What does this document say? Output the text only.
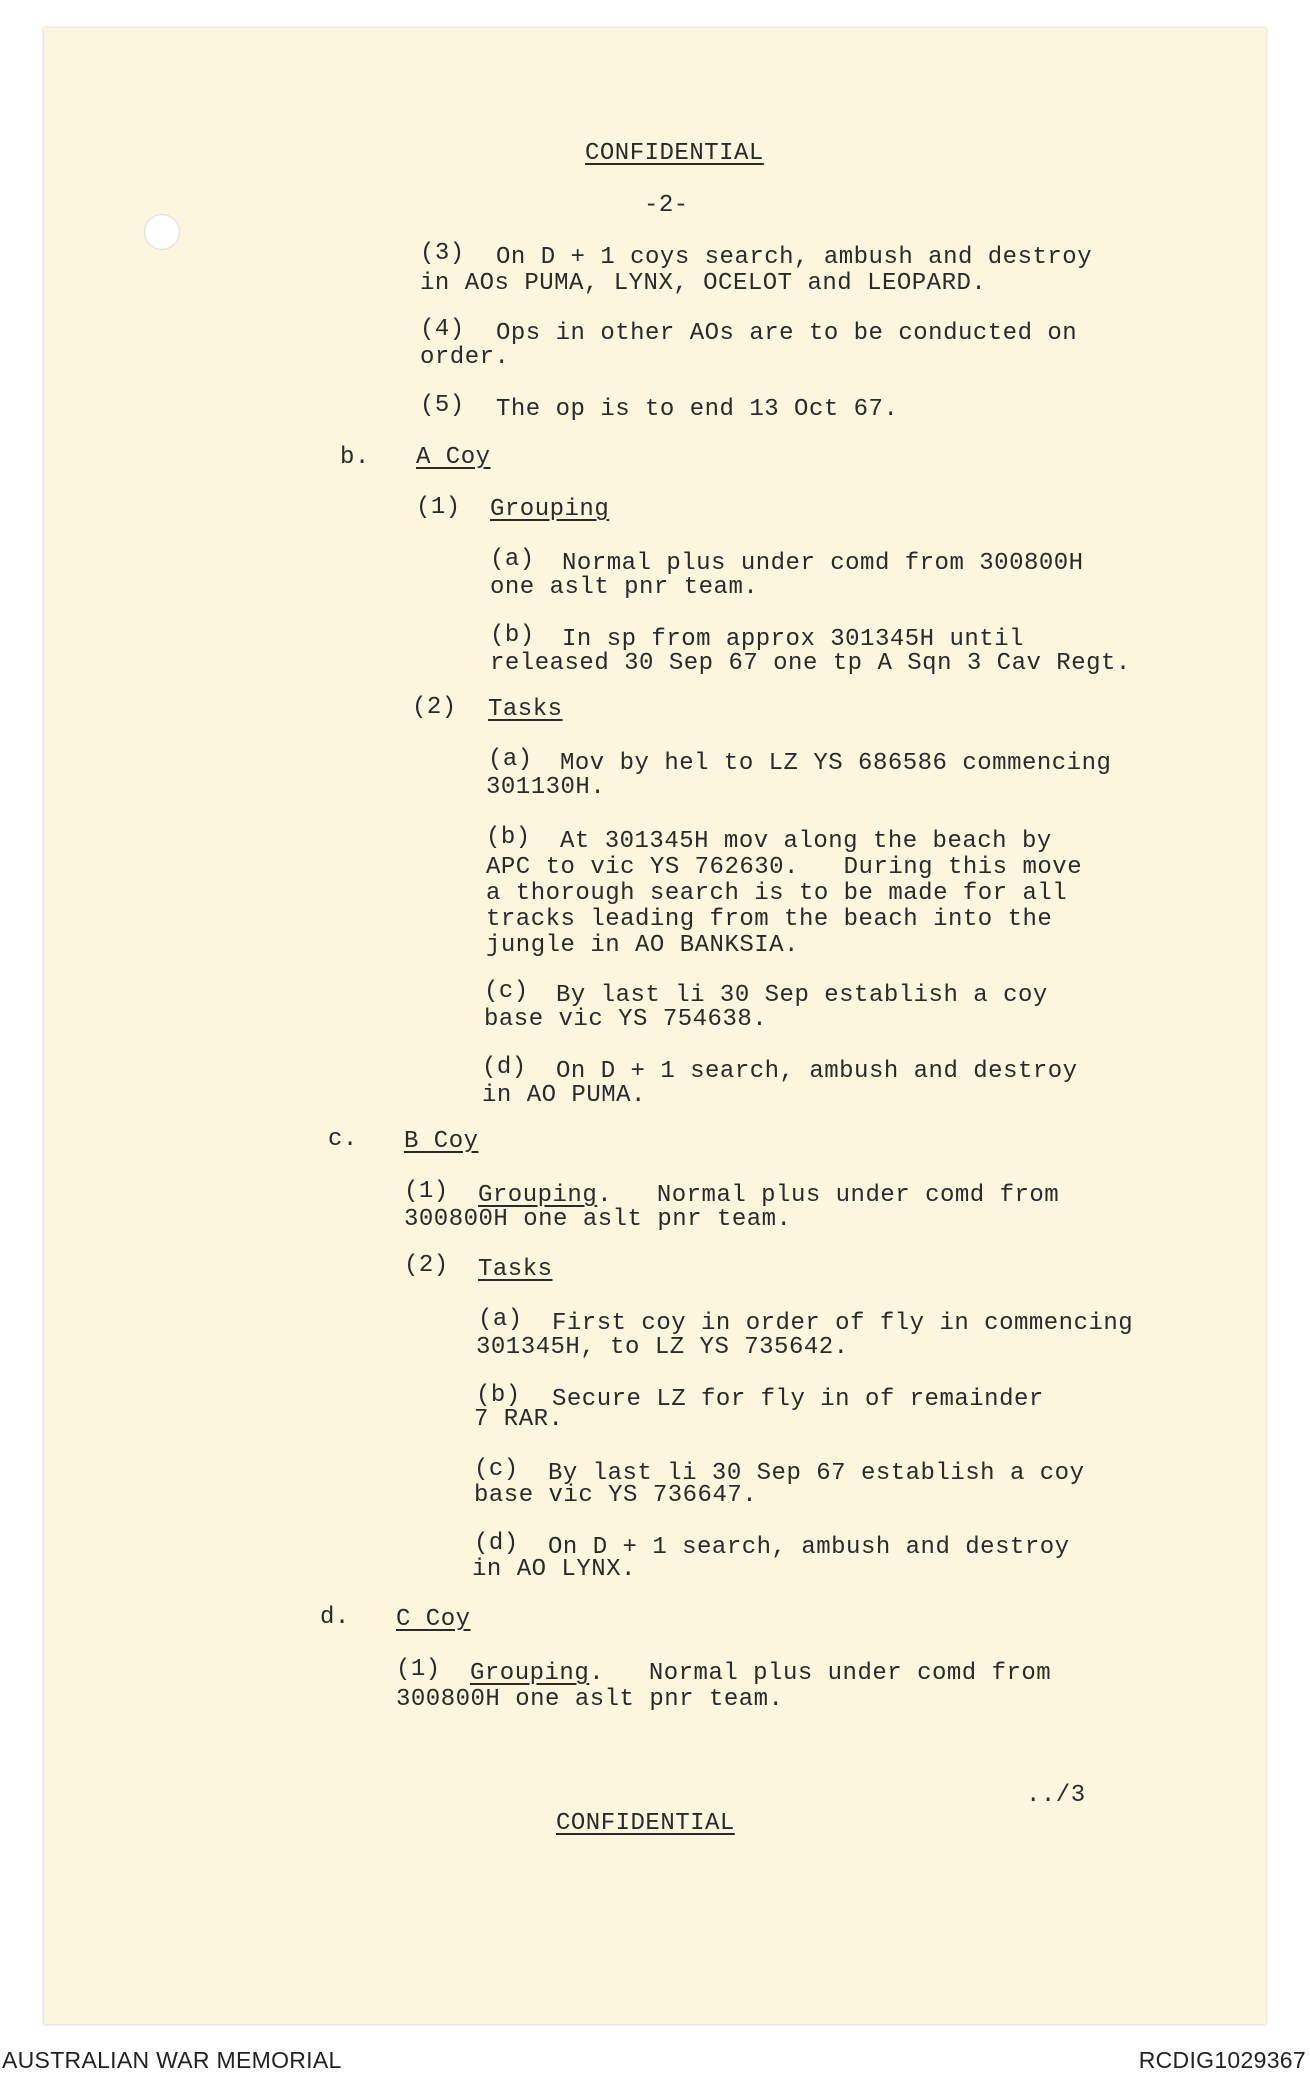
CONFIDENTIAL
-2-
(3) On D + 1 coys search, ambush and destroy
in AOs PUMA, LYNX, OCELOT and LEOPARD.
(4) Ops in other AOs are to be conducted on
order.
(5) The op is to end 13 Oct 67.
b. A Coy
(1) Grouping
(a) Normal plus under comd from 300800H
one aslt pnr team.
(b) In sp from approx 301345H until
released 30 Sep 67 one tp A Sqn 3 Cav Regt.
(2) Tasks
(a) Mov by hel to LZ YS 686586 commencing
301130H.
(b) At 301345H mov along the beach by
APC to vic YS 762630.   During this move
a thorough search is to be made for all
tracks leading from the beach into the
jungle in AO BANKSIA.
(c) By last li 30 Sep establish a coy
base vic YS 754638.
(d) On D + 1 search, ambush and destroy
in AO PUMA.
c. B Coy
(1) Grouping.   Normal plus under comd from
300800H one aslt pnr team.
(2) Tasks
(a) First coy in order of fly in commencing
301345H, to LZ YS 735642.
(b) Secure LZ for fly in of remainder
7 RAR.
(c) By last li 30 Sep 67 establish a coy
base vic YS 736647.
(d) On D + 1 search, ambush and destroy
in AO LYNX.
d. C Coy
(1) Grouping.   Normal plus under comd from
300800H one aslt pnr team.
../3
CONFIDENTIAL
AUSTRALIAN WAR MEMORIAL	RCDIG1029367
